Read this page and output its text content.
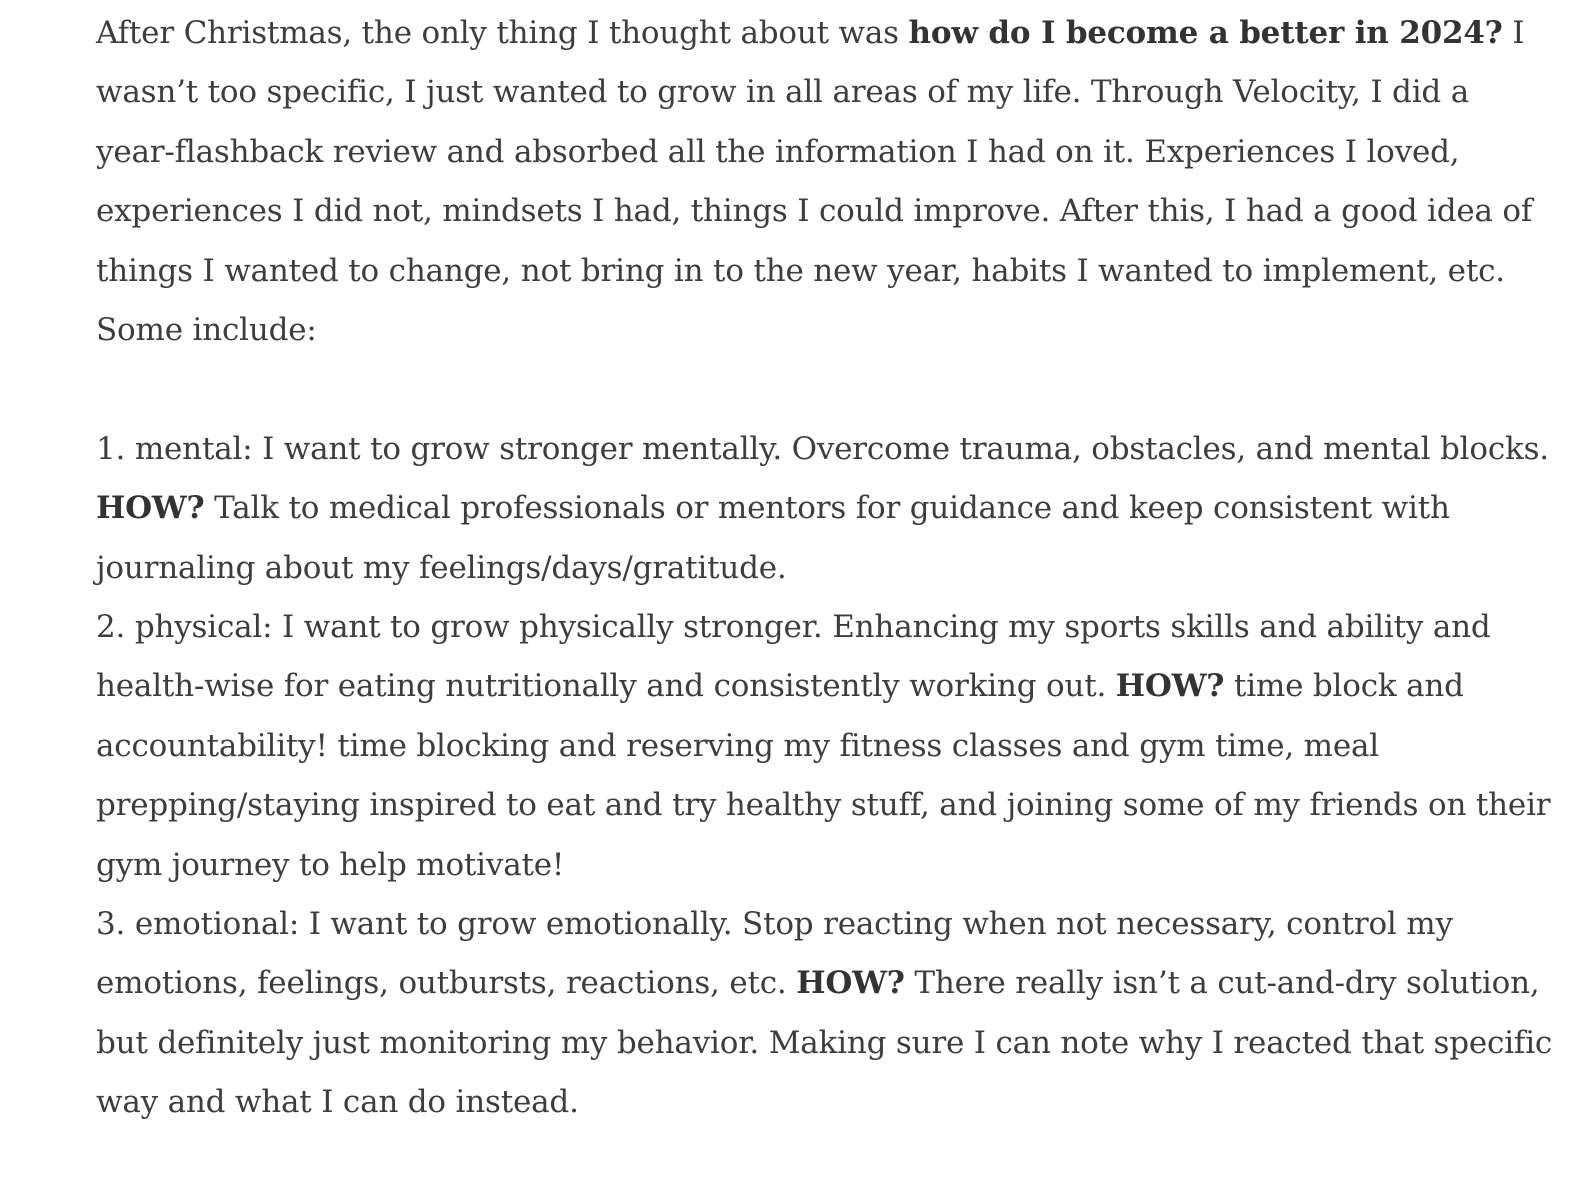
After Christmas, the only thing I thought about was how do I become a better in 2024? I wasn’t too specific, I just wanted to grow in all areas of my life. Through Velocity, I did a year-flashback review and absorbed all the information I had on it. Experiences I loved, experiences I did not, mindsets I had, things I could improve. After this, I had a good idea of things I wanted to change, not bring in to the new year, habits I wanted to implement, etc. Some include:

1. mental: I want to grow stronger mentally. Overcome trauma, obstacles, and mental blocks. HOW? Talk to medical professionals or mentors for guidance and keep consistent with journaling about my feelings/days/gratitude.

2. physical: I want to grow physically stronger. Enhancing my sports skills and ability and health-wise for eating nutritionally and consistently working out. HOW? time block and accountability! time blocking and reserving my fitness classes and gym time, meal prepping/staying inspired to eat and try healthy stuff, and joining some of my friends on their gym journey to help motivate!

3. emotional: I want to grow emotionally. Stop reacting when not necessary, control my emotions, feelings, outbursts, reactions, etc. HOW? There really isn’t a cut-and-dry solution, but definitely just monitoring my behavior. Making sure I can note why I reacted that specific way and what I can do instead.
